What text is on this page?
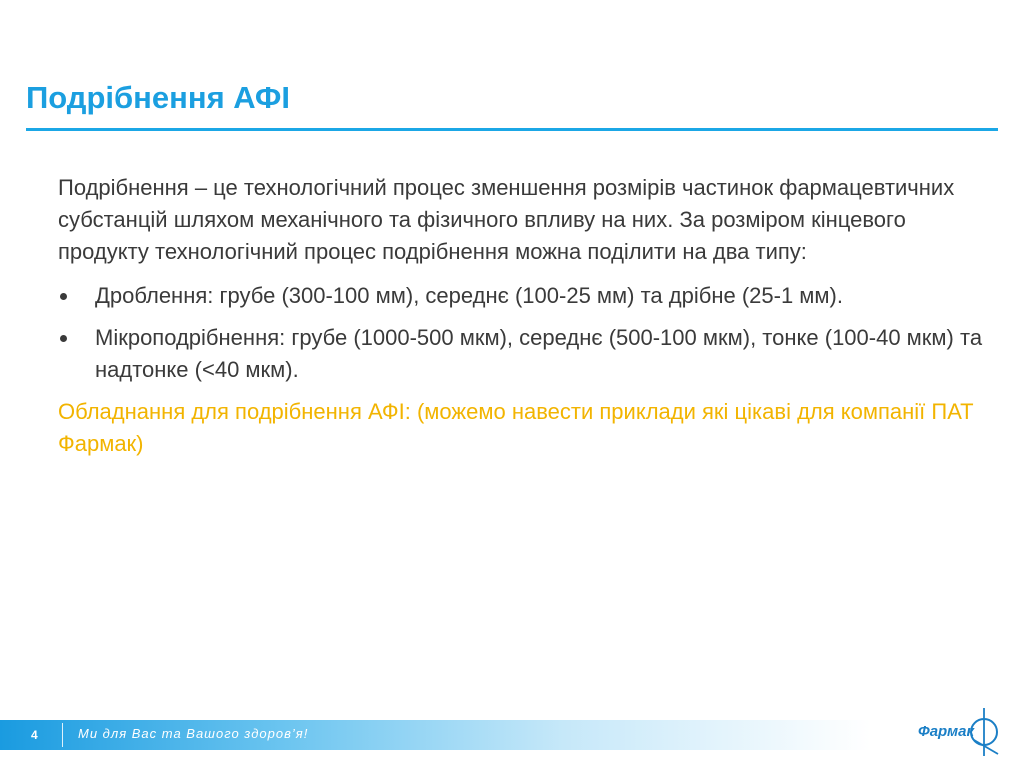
Подрібнення АФІ

Подрібнення – це технологічний процес зменшення розмірів частинок фармацевтичних субстанцій шляхом механічного та фізичного впливу на них. За розміром кінцевого продукту технологічний процес подрібнення можна поділити на два типу:

Дроблення: грубе (300-100 мм), середнє (100-25 мм) та дрібне (25-1 мм).
Мікроподрібнення: грубе (1000-500 мкм), середнє (500-100 мкм), тонке (100-40 мкм) та надтонке (<40 мкм).

Обладнання для подрібнення АФІ: (можемо навести приклади які цікаві для компанії ПАТ Фармак)

4	Ми для Вас та Вашого здоров’я!	Фармак
